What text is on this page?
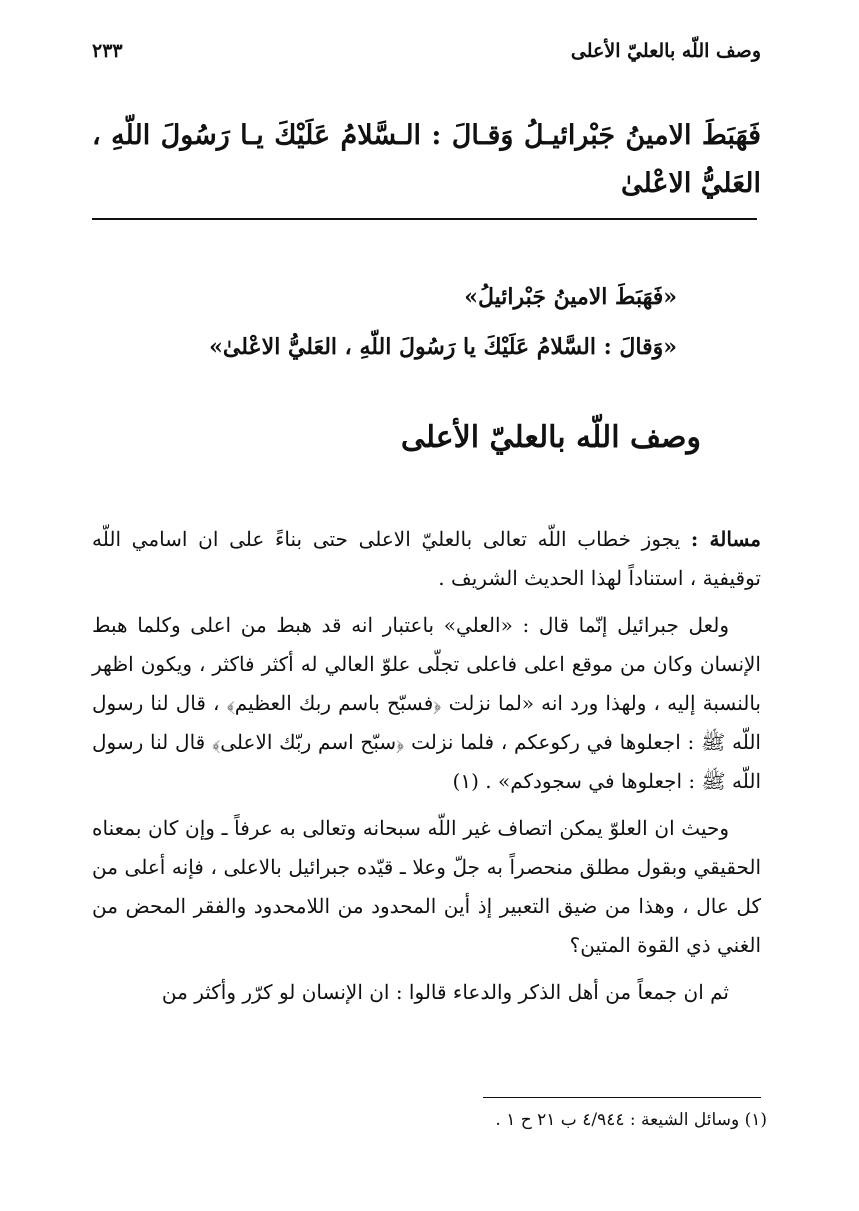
وصف اللّه بالعليّ الأعلى
٢٣٣
فَهَبَطَ الامينُ جَبْرائيـلُ وَقـالَ : الـسَّلامُ عَلَيْكَ يـا رَسُولَ اللّهِ ، العَليُّ الاعْلىٰ
«فَهَبَطَ الامينُ جَبْرائيلُ»
«وَقالَ : السَّلامُ عَلَيْكَ يا رَسُولَ اللّهِ ، العَليُّ الاعْلىٰ»
وصف اللّه بالعليّ الأعلى

مسالة : يجوز خطاب اللّه تعالى بالعليّ الاعلى حتى بناءً على ان اسامي اللّه توقيفية ، استناداً لهذا الحديث الشريف .

ولعل جبرائيل إنّما قال : «العلي» باعتبار انه قد هبط من اعلى وكلما هبط الإنسان وكان من موقع اعلى فاعلى تجلّى علوّ العالي له أكثر فاكثر ، ويكون اظهر بالنسبة إليه ، ولهذا ورد انه «لما نزلت ﴿فسبّح باسم ربك العظيم﴾ ، قال لنا رسول اللّه ﷺ : اجعلوها في ركوعكم ، فلما نزلت ﴿سبّح اسم ربّك الاعلى﴾ قال لنا رسول اللّه ﷺ : اجعلوها في سجودكم» . (١)

وحيث ان العلوّ يمكن اتصاف غير اللّه سبحانه وتعالى به عرفاً ـ وإن كان بمعناه الحقيقي وبقول مطلق منحصراً به جلّ وعلا ـ قيّده جبرائيل بالاعلى ، فإنه أعلى من كل عال ، وهذا من ضيق التعبير إذ أين المحدود من اللامحدود والفقر المحض من الغني ذي القوة المتين؟

ثم ان جمعاً من أهل الذكر والدعاء قالوا : ان الإنسان لو كرّر وأكثر من

(١) وسائل الشيعة : ٤/٩٤٤ ب ٢١ ح ١ .
